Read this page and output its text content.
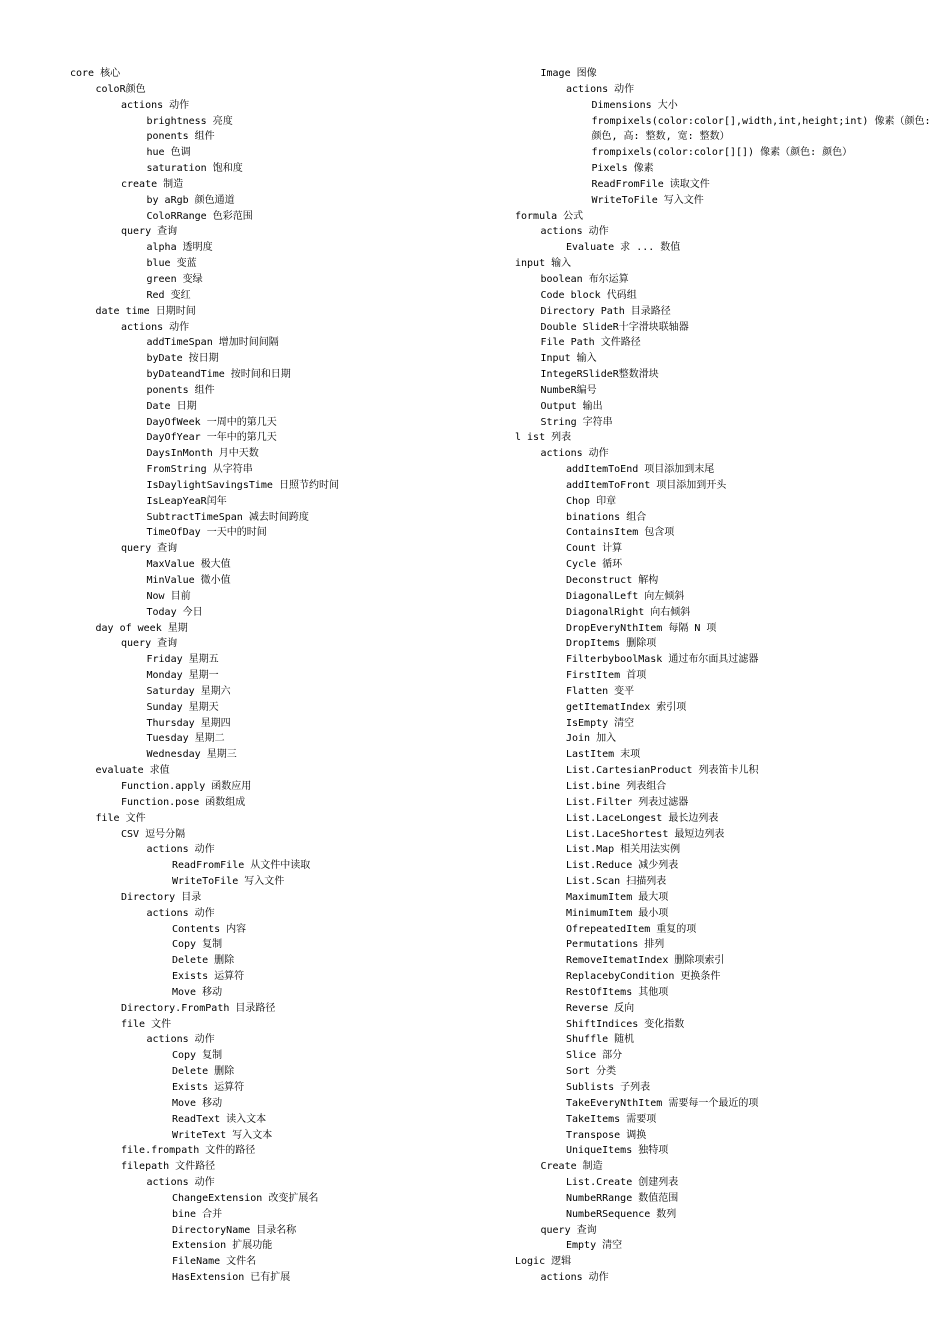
core 核心
coloR颜色
actions 动作
brightness 亮度
ponents 组件
hue 色调
saturation 饱和度
create 制造
by aRgb 颜色通道
ColoRRange 色彩范围
query 查询
alpha 透明度
blue 变蓝
green 变绿
Red 变红
date time 日期时间
actions 动作
addTimeSpan 增加时间间隔
byDate 按日期
byDateandTime 按时间和日期
ponents 组件
Date 日期
DayOfWeek 一周中的第几天
DayOfYear 一年中的第几天
DaysInMonth 月中天数
FromString 从字符串
IsDaylightSavingsTime 日照节约时间
IsLeapYeaR闰年
SubtractTimeSpan 减去时间跨度
TimeOfDay 一天中的时间
query 查询
MaxValue 极大值
MinValue 微小值
Now 目前
Today 今日
day of week 星期
query 查询
Friday 星期五
Monday 星期一
Saturday 星期六
Sunday 星期天
Thursday 星期四
Tuesday 星期二
Wednesday 星期三
evaluate 求值
Function.apply 函数应用
Function.pose 函数组成
file 文件
CSV 逗号分隔
actions 动作
ReadFromFile 从文件中读取
WriteToFile 写入文件
Directory 目录
actions 动作
Contents 内容
Copy 复制
Delete 删除
Exists 运算符
Move 移动
Directory.FromPath 目录路径
file 文件
actions 动作
Copy 复制
Delete 删除
Exists 运算符
Move 移动
ReadText 读入文本
WriteText 写入文本
file.frompath 文件的路径
filepath 文件路径
actions 动作
ChangeExtension 改变扩展名
bine 合并
DirectoryName 目录名称
Extension 扩展功能
FileName 文件名
HasExtension 已有扩展
Image 图像
actions 动作
Dimensions 大小
frompixels(color:color[],width,int,height;int) 像素（颜色:
颜色, 高: 整数, 宽: 整数）
frompixels(color:color[][]) 像素（颜色: 颜色）
Pixels 像素
ReadFromFile 读取文件
WriteToFile 写入文件
formula 公式
actions 动作
Evaluate 求 ... 数值
input 输入
boolean 布尔运算
Code block 代码组
Directory Path 目录路径
Double SlideR十字滑块联轴器
File Path 文件路径
Input 输入
IntegeRSlideR整数滑块
NumbeR编号
Output 输出
String 字符串
l ist 列表
actions 动作
addItemToEnd 项目添加到末尾
addItemToFront 项目添加到开头
Chop 印章
binations 组合
ContainsItem 包含项
Count 计算
Cycle 循环
Deconstruct 解构
DiagonalLeft 向左倾斜
DiagonalRight 向右倾斜
DropEveryNthItem 每隔 N 项
DropItems 删除项
FilterbyboolMask 通过布尔面具过滤器
FirstItem 首项
Flatten 变平
getItematIndex 索引项
IsEmpty 清空
Join 加入
LastItem 末项
List.CartesianProduct 列表笛卡儿积
List.bine 列表组合
List.Filter 列表过滤器
List.LaceLongest 最长边列表
List.LaceShortest 最短边列表
List.Map 相关用法实例
List.Reduce 减少列表
List.Scan 扫描列表
MaximumItem 最大项
MinimumItem 最小项
OfrepeatedItem 重复的项
Permutations 排列
RemoveItematIndex 删除项索引
ReplacebyCondition 更换条件
RestOfItems 其他项
Reverse 反向
ShiftIndices 变化指数
Shuffle 随机
Slice 部分
Sort 分类
Sublists 子列表
TakeEveryNthItem 需要每一个最近的项
TakeItems 需要项
Transpose 调换
UniqueItems 独特项
Create 制造
List.Create 创建列表
NumbeRRange 数值范围
NumbeRSequence 数列
query 查询
Empty 清空
Logic 逻辑
actions 动作
